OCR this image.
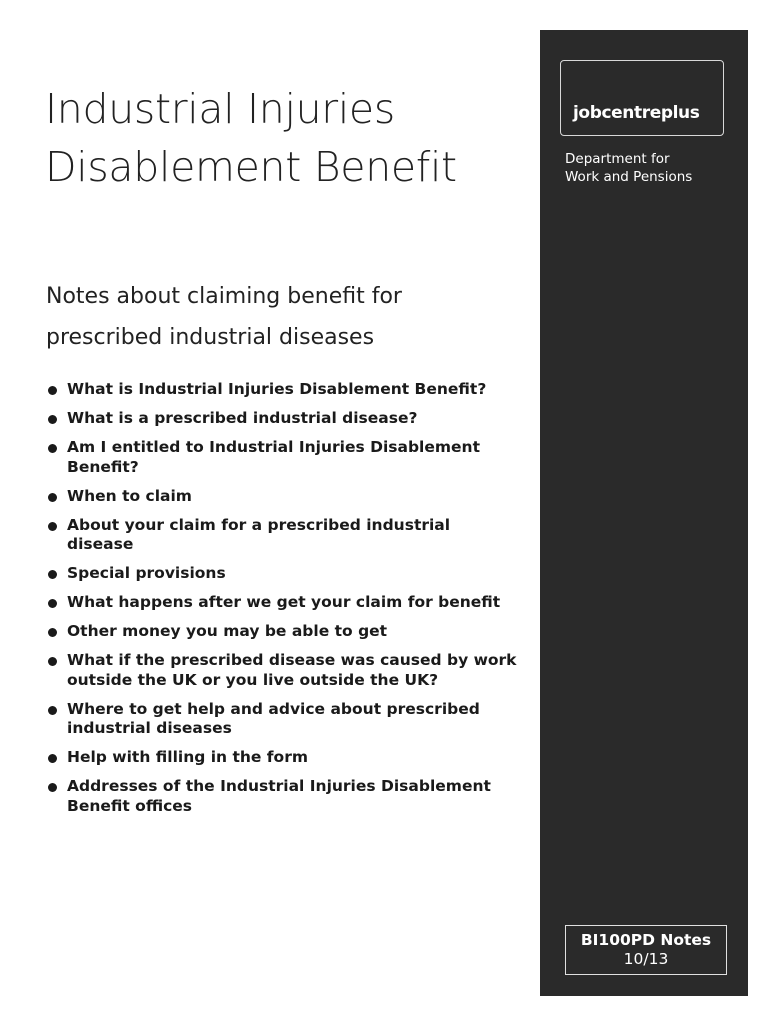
Industrial Injuries
Disablement Benefit
Notes about claiming benefit for
prescribed industrial diseases
What is Industrial Injuries Disablement Benefit?
What is a prescribed industrial disease?
Am I entitled to Industrial Injuries Disablement Benefit?
When to claim
About your claim for a prescribed industrial disease
Special provisions
What happens after we get your claim for benefit
Other money you may be able to get
What if the prescribed disease was caused by work outside the UK or you live outside the UK?
Where to get help and advice about prescribed industrial diseases
Help with filling in the form
Addresses of the Industrial Injuries Disablement Benefit offices
jobcentreplus
Department for
Work and Pensions
BI100PD Notes
10/13
